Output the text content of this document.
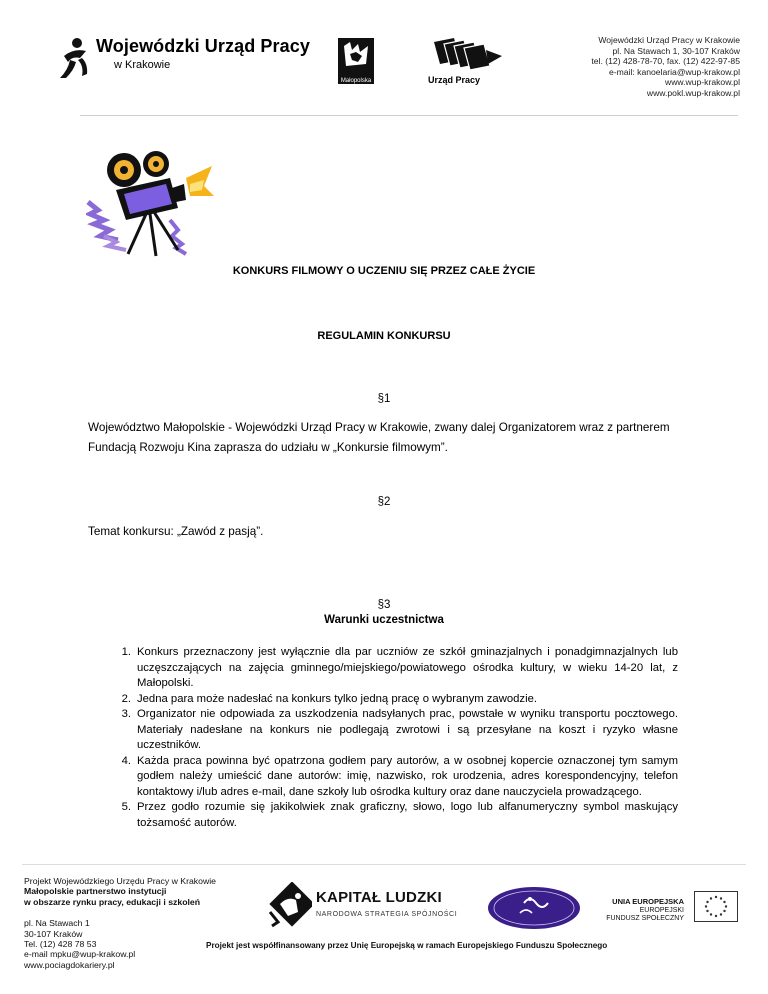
Wojewódzki Urząd Pracy
w Krakowie
Małopolska	Urząd Pracy
Wojewódzki Urząd Pracy w Krakowie
pl. Na Stawach 1, 30-107 Kraków
tel. (12) 428-78-70, fax. (12) 422-97-85
e-mail: kanoelaria@wup-krakow.pl
www.wup-krakow.pl
www.pokl.wup-krakow.pl
KONKURS FILMOWY O UCZENIU SIĘ PRZEZ CAŁE ŻYCIE
REGULAMIN KONKURSU
§1
Województwo Małopolskie - Wojewódzki Urząd Pracy w Krakowie, zwany dalej Organizatorem wraz z partnerem Fundacją Rozwoju Kina zaprasza do udziału w „Konkursie filmowym”.
§2
Temat konkursu: „Zawód z pasją”.
§3
Warunki uczestnictwa
1. Konkurs przeznaczony jest wyłącznie dla par uczniów ze szkół gminazjalnych i ponadgimnazjalnych lub uczęszczających na zajęcia gminnego/miejskiego/powiatowego ośrodka kultury, w wieku 14-20 lat, z Małopolski.
2. Jedna para może nadesłać na konkurs tylko jedną pracę o wybranym zawodzie.
3. Organizator nie odpowiada za uszkodzenia nadsyłanych prac, powstałe w wyniku transportu pocztowego. Materiały nadesłane na konkurs nie podlegają zwrotowi i są przesyłane na koszt i ryzyko własne uczestników.
4. Każda praca powinna być opatrzona godłem pary autorów, a w osobnej kopercie oznaczonej tym samym godłem należy umieścić dane autorów: imię, nazwisko, rok urodzenia, adres korespondencyjny, telefon kontaktowy i/lub adres e-mail, dane szkoły lub ośrodka kultury oraz dane nauczyciela prowadzącego.
5. Przez godło rozumie się jakikolwiek znak graficzny, słowo, logo lub alfanumeryczny symbol maskujący tożsamość autorów.
Projekt Wojewódzkiego Urzędu Pracy w Krakowie
Małopolskie partnerstwo instytucji
w obszarze rynku pracy, edukacji i szkoleń
pl. Na Stawach 1
30-107 Kraków
Tel. (12) 428 78 53
e-mail mpku@wup-krakow.pl
www.pociagdokariery.pl
KAPITAŁ LUDZKI
NARODOWA STRATEGIA SPÓJNOŚCI
UNIA EUROPEJSKA
EUROPEJSKI
FUNDUSZ SPOŁECZNY
Projekt jest współfinansowany przez Unię Europejską w ramach Europejskiego Funduszu Społecznego
